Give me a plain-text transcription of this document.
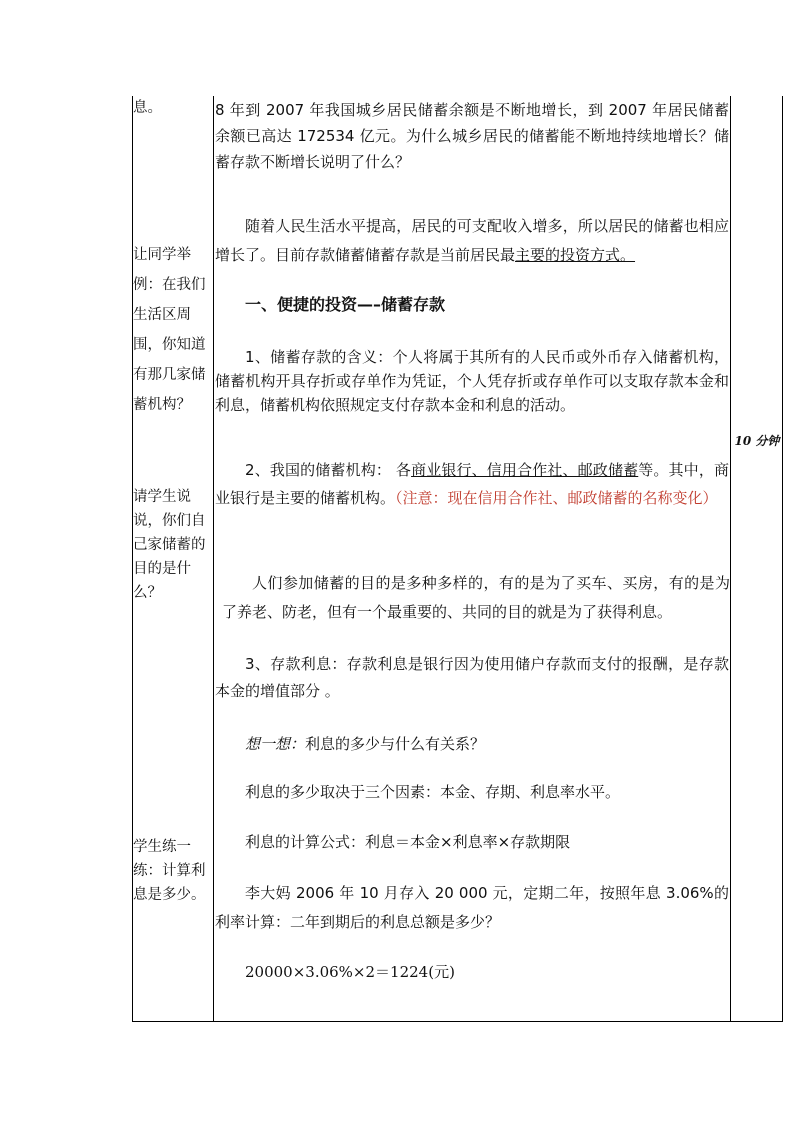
息。
让同学举例：在我们生活区周围，你知道有那几家储蓄机构？
请学生说说，你们自己家储蓄的目的是什么？
学生练一练：计算利息是多少。
10 分钟
8 年到 2007 年我国城乡居民储蓄余额是不断地增长，到 2007 年居民储蓄余额已高达 172534 亿元。为什么城乡居民的储蓄能不断地持续地增长？储蓄存款不断增长说明了什么？
随着人民生活水平提高，居民的可支配收入增多，所以居民的储蓄也相应增长了。目前存款储蓄储蓄存款是当前居民最主要的投资方式。
一、便捷的投资—–储蓄存款
1、储蓄存款的含义：个人将属于其所有的人民币或外币存入储蓄机构，储蓄机构开具存折或存单作为凭证，个人凭存折或存单作可以支取存款本金和利息，储蓄机构依照规定支付存款本金和利息的活动。
2、我国的储蓄机构： 各商业银行、信用合作社、邮政储蓄等。其中，商业银行是主要的储蓄机构。（注意：现在信用合作社、邮政储蓄的名称变化）
人们参加储蓄的目的是多种多样的，有的是为了买车、买房，有的是为了养老、防老，但有一个最重要的、共同的目的就是为了获得利息。
3、存款利息：存款利息是银行因为使用储户存款而支付的报酬，是存款本金的增值部分 。
想一想：利息的多少与什么有关系？
利息的多少取决于三个因素：本金、存期、利息率水平。
利息的计算公式：利息＝本金×利息率×存款期限
李大妈 2006 年 10 月存入 20 000 元，定期二年，按照年息 3.06%的利率计算：二年到期后的利息总额是多少？
20000×3.06%×2＝1224(元)
